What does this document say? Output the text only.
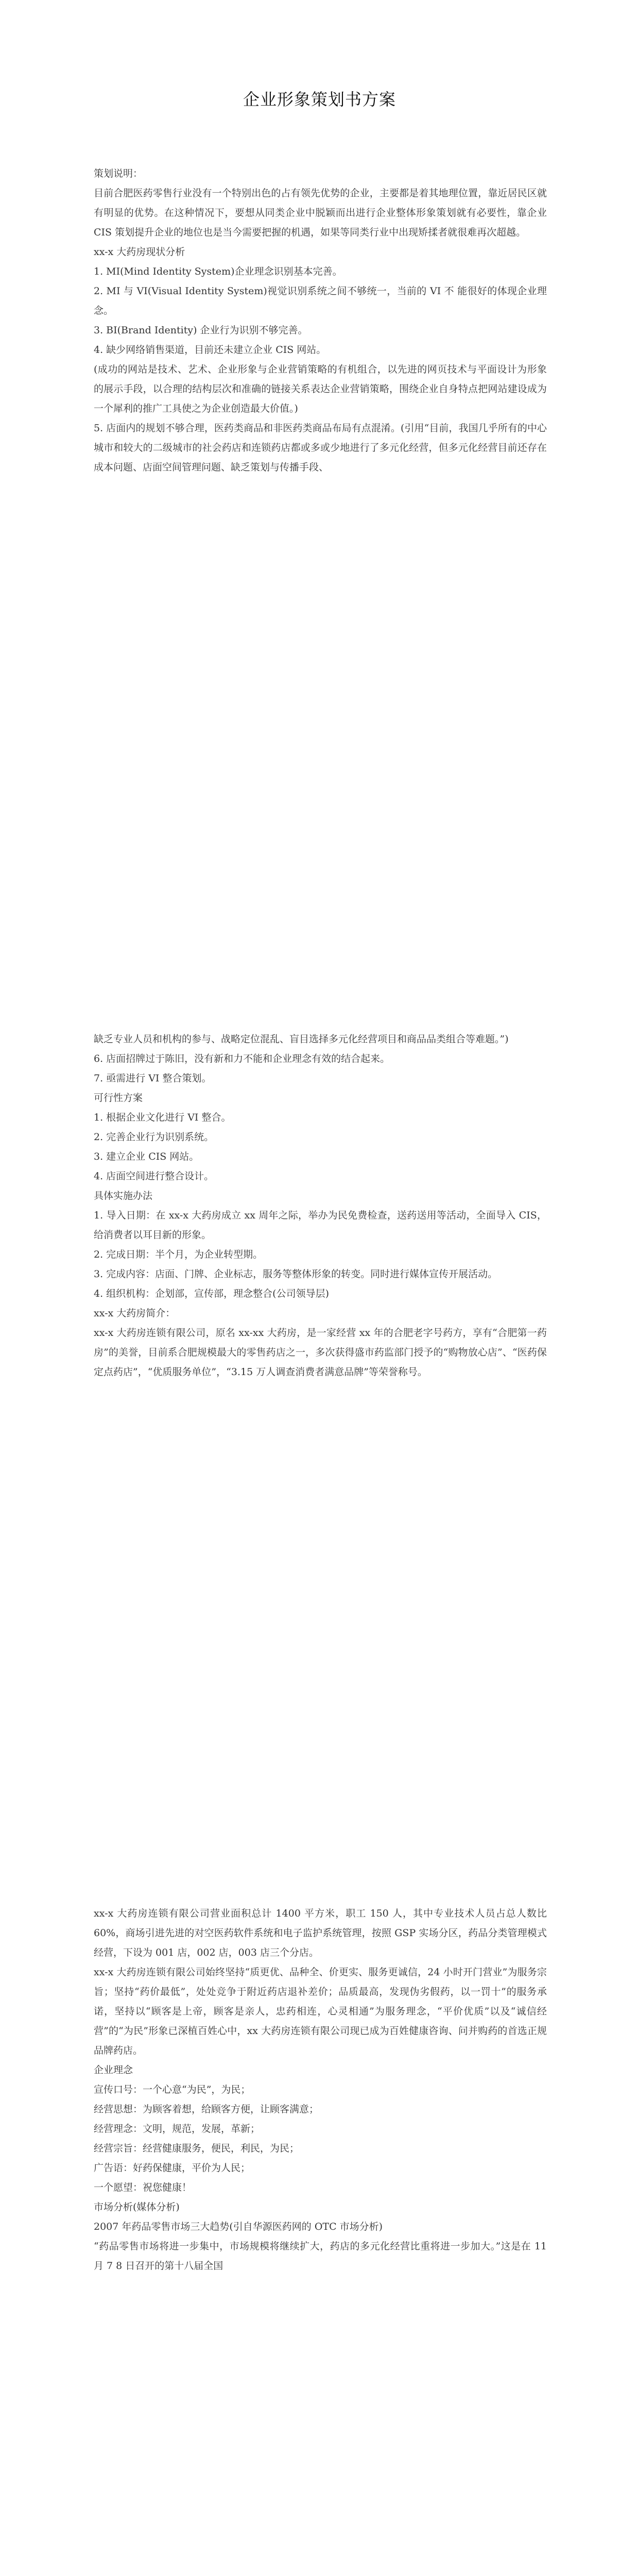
企业形象策划书方案

策划说明：

目前合肥医药零售行业没有一个特别出色的占有领先优势的企业，主要都是着其地理位置，靠近居民区就有明显的优势。在这种情况下，要想从同类企业中脱颖而出进行企业整体形象策划就有必要性，靠企业CIS 策划提升企业的地位也是当今需要把握的机遇，如果等同类行业中出现矫揉者就很难再次超越。

xx-x 大药房现状分析

1. MI(Mind Identity System)企业理念识别基本完善。

2. MI 与 VI(Visual Identity System)视觉识别系统之间不够统一，当前的 VI 不 能很好的体现企业理念。

3. BI(Brand Identity) 企业行为识别不够完善。

4. 缺少网络销售渠道，目前还未建立企业 CIS 网站。

(成功的网站是技术、艺术、企业形象与企业营销策略的有机组合，以先进的网页技术与平面设计为形象的展示手段，以合理的结构层次和准确的链接关系表达企业营销策略，围绕企业自身特点把网站建设成为一个犀利的推广工具使之为企业创造最大价值。)

5. 店面内的规划不够合理，医药类商品和非医药类商品布局有点混淆。(引用“目前，我国几乎所有的中心城市和较大的二级城市的社会药店和连锁药店都或多或少地进行了多元化经营，但多元化经营目前还存在成本问题、店面空间管理问题、缺乏策划与传播手段、

缺乏专业人员和机构的参与、战略定位混乱、盲目选择多元化经营项目和商品品类组合等难题。”)

6. 店面招牌过于陈旧，没有新和力不能和企业理念有效的结合起来。

7. 亟需进行 VI 整合策划。

可行性方案

1. 根据企业文化进行 VI 整合。

2. 完善企业行为识别系统。

3. 建立企业 CIS 网站。

4. 店面空间进行整合设计。

具体实施办法

1. 导入日期：在 xx-x 大药房成立 xx 周年之际，举办为民免费检查，送药送用等活动，全面导入 CIS，给消费者以耳目新的形象。

2. 完成日期：半个月，为企业转型期。

3. 完成内容：店面、门牌、企业标志，服务等整体形象的转变。同时进行媒体宣传开展活动。

4. 组织机构：企划部，宣传部，理念整合(公司领导层)

xx-x 大药房简介：

xx-x 大药房连锁有限公司，原名 xx-xx 大药房，是一家经营 xx 年的合肥老字号药方，享有“合肥第一药房”的美誉，目前系合肥规模最大的零售药店之一，多次获得盛市药监部门授予的“购物放心店”、“医药保定点药店”，“优质服务单位”，“3.15 万人调查消费者满意品牌”等荣誉称号。

xx-x 大药房连锁有限公司营业面积总计 1400 平方米，职工 150 人，其中专业技术人员占总人数比 60%，商场引进先进的对空医药软件系统和电子监护系统管理，按照 GSP 实场分区，药品分类管理模式经营，下设为 001 店，002 店，003 店三个分店。

xx-x 大药房连锁有限公司始终坚持“质更优、品种全、价更实、服务更诚信，24 小时开门营业”为服务宗旨；坚持“药价最低”，处处竞争于附近药店退补差价；品质最高，发现伪劣假药，以一罚十”的服务承诺，坚持以“顾客是上帝，顾客是亲人，忠药相连，心灵相通”为服务理念，“平价优质”以及“诚信经营”的“为民”形象已深植百姓心中，xx 大药房连锁有限公司现已成为百姓健康咨询、问并购药的首选正规品牌药店。

企业理念

宣传口号：一个心意“为民”，为民；

经营思想：为顾客着想，给顾客方便，让顾客满意；

经营理念：文明，规范，发展，革新；

经营宗旨：经营健康服务，便民，利民，为民；

广告语：好药保健康，平价为人民；

一个愿望：祝您健康！

市场分析(媒体分析)

2007 年药品零售市场三大趋势(引自华源医药网的 OTC 市场分析)

“药品零售市场将进一步集中，市场规模将继续扩大，药店的多元化经营比重将进一步加大。”这是在 11 月 7 8 日召开的第十八届全国
